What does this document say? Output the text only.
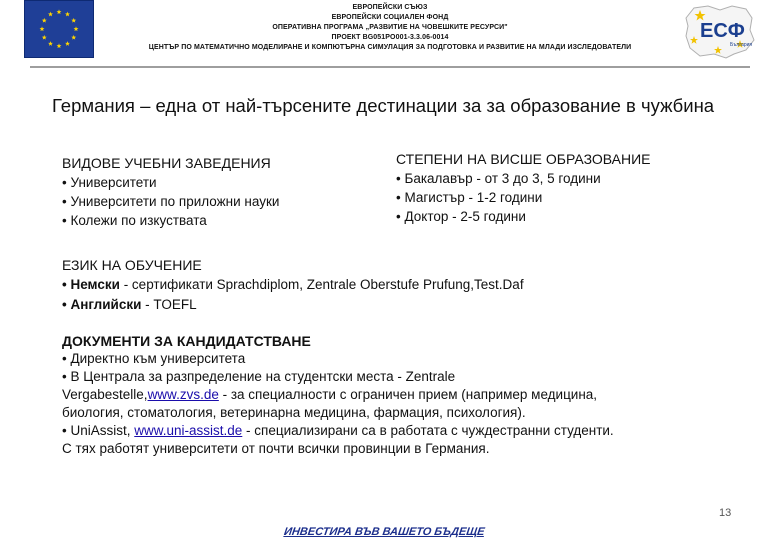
ЕВРОПЕЙСКИ СЪЮЗ
ЕВРОПЕЙСКИ СОЦИАЛЕН ФОНД
ОПЕРАТИВНА ПРОГРАМА „РАЗВИТИЕ НА ЧОВЕШКИТЕ РЕСУРСИ"
ПРОЕКТ BG051PO001-3.3.06-0014
ЦЕНТЪР ПО МАТЕМАТИЧНО МОДЕЛИРАНЕ И КОМПЮТЪРНА СИМУЛАЦИЯ ЗА ПОДГОТОВКА И РАЗВИТИЕ НА МЛАДИ ИЗСЛЕДОВАТЕЛИ
ЕСФ
България
Германия – една от най-търсените дестинации за за образование в чужбина
ВИДОВЕ УЧЕБНИ ЗАВЕДЕНИЯ
• Университети
• Университети по приложни науки
• Колежи по изкуствата
СТЕПЕНИ НА ВИСШЕ ОБРАЗОВАНИЕ
• Бакалавър - от 3 до 3, 5 години
• Магистър - 1-2 години
• Доктор - 2-5 години
ЕЗИК НА ОБУЧЕНИЕ
• Немски - сертификати Sprachdiplom, Zentrale Oberstufe Prufung,Test.Daf
• Английски - TOEFL
ДОКУМЕНТИ ЗА КАНДИДАТСТВАНЕ
• Директно към университета
• В Централа за разпределение на студентски места - Zentrale
Vergabestelle,www.zvs.de - за специалности с ограничен прием (например медицина,
биология, стоматология, ветеринарна медицина, фармация, психология).
• UniAssist, www.uni-assist.de - специализирани са в работата с чуждестранни студенти.
С тях работят университети от почти всички провинции в Германия.
13
ИНВЕСТИРА ВЪВ ВАШЕТО БЪДЕЩЕ
